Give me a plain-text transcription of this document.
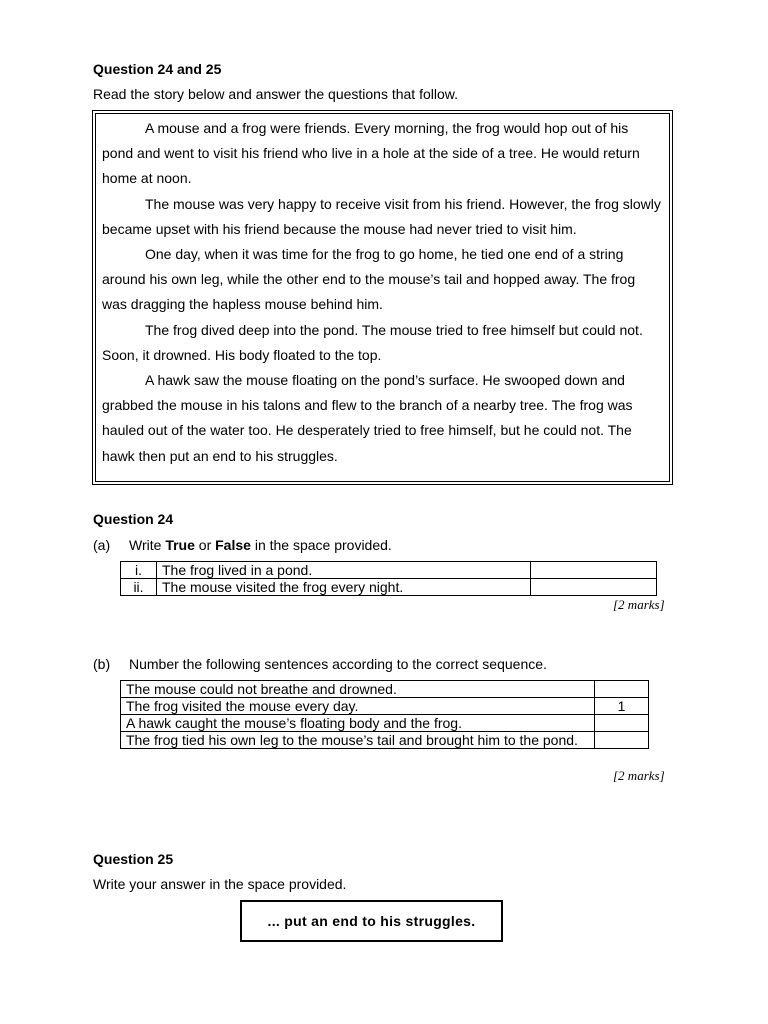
Question 24 and 25
Read the story below and answer the questions that follow.

A mouse and a frog were friends. Every morning, the frog would hop out of his pond and went to visit his friend who live in a hole at the side of a tree. He would return home at noon.

The mouse was very happy to receive visit from his friend. However, the frog slowly became upset with his friend because the mouse had never tried to visit him.

One day, when it was time for the frog to go home, he tied one end of a string around his own leg, while the other end to the mouse’s tail and hopped away. The frog was dragging the hapless mouse behind him.

The frog dived deep into the pond. The mouse tried to free himself but could not. Soon, it drowned. His body floated to the top.

A hawk saw the mouse floating on the pond’s surface. He swooped down and grabbed the mouse in his talons and flew to the branch of a nearby tree. The frog was hauled out of the water too. He desperately tried to free himself, but he could not. The hawk then put an end to his struggles.

Question 24
(a) Write True or False in the space provided.
i.	The frog lived in a pond.	
ii.	The mouse visited the frog every night.	
[2 marks]
(b) Number the following sentences according to the correct sequence.
The mouse could not breathe and drowned.	
The frog visited the mouse every day.	1
A hawk caught the mouse’s floating body and the frog.	
The frog tied his own leg to the mouse’s tail and brought him to the pond.	
[2 marks]
Question 25
Write your answer in the space provided.
... put an end to his struggles.
